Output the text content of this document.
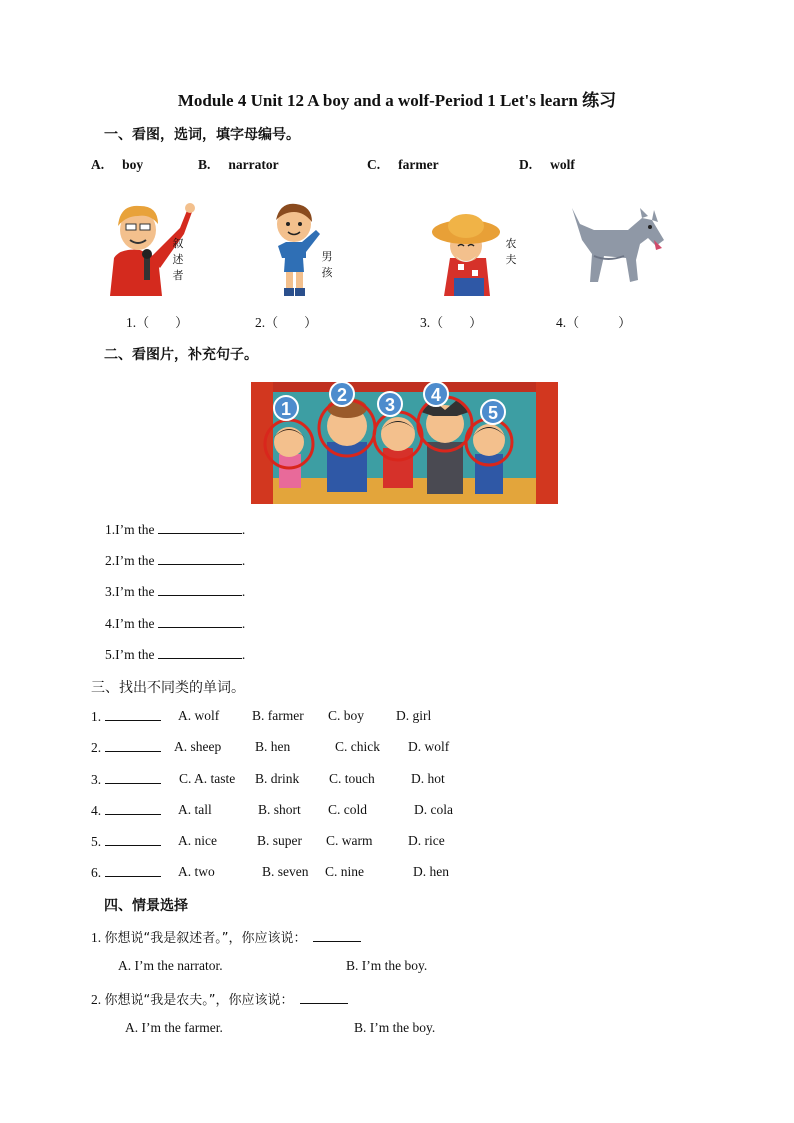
Module 4 Unit 12 A boy and a wolf-Period 1 Let's learn 练习
一、看图，选词，填字母编号。
A. boy	B. narrator	C. farmer	D. wolf
叙
述
者
男
孩
农
夫
1.（　　）	2.（　　）	3.（　　）	4.（　　　）
二、看图片，补充句子。
1
2 3 4
5
1.I’m the	.
2.I’m the	.
3.I’m the	.
4.I’m the	.
5.I’m the	.
三、找出不同类的单词。
1.	A. wolf B. farmer C. boy D. girl
2.	A. sheep	B. hen	C. chick D. wolf
3.	C. A. taste B. drink C. touch	D. hot
4.	A. tall	B. short C. cold	D. cola
5.	A. nice	B. super C. warm	D. rice
6.	A. two	B. seven C. nine	D. hen
四、情景选择
1. 你想说“我是叙述者。”，你应该说：
A. I’m the narrator.	B. I’m the boy.
2. 你想说“我是农夫。”，你应该说：
A. I’m the farmer.	B. I’m the boy.
